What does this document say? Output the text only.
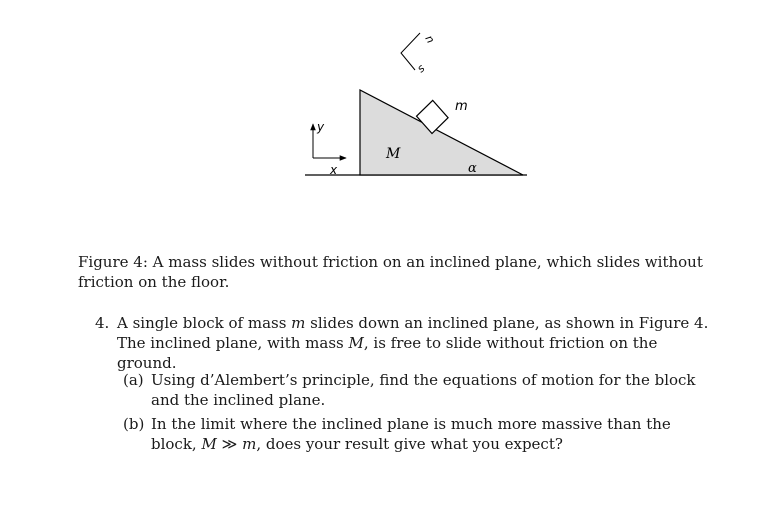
m
M
α
x
y
n
s
Figure 4: A mass slides without friction on an inclined plane, which slides without friction on the floor.
4. A single block of mass m slides down an inclined plane, as shown in Figure 4. The inclined plane, with mass M, is free to slide without friction on the ground.
(a) Using d’Alembert’s principle, find the equations of motion for the block and the inclined plane.
(b) In the limit where the inclined plane is much more massive than the block, M ≫ m, does your result give what you expect?
